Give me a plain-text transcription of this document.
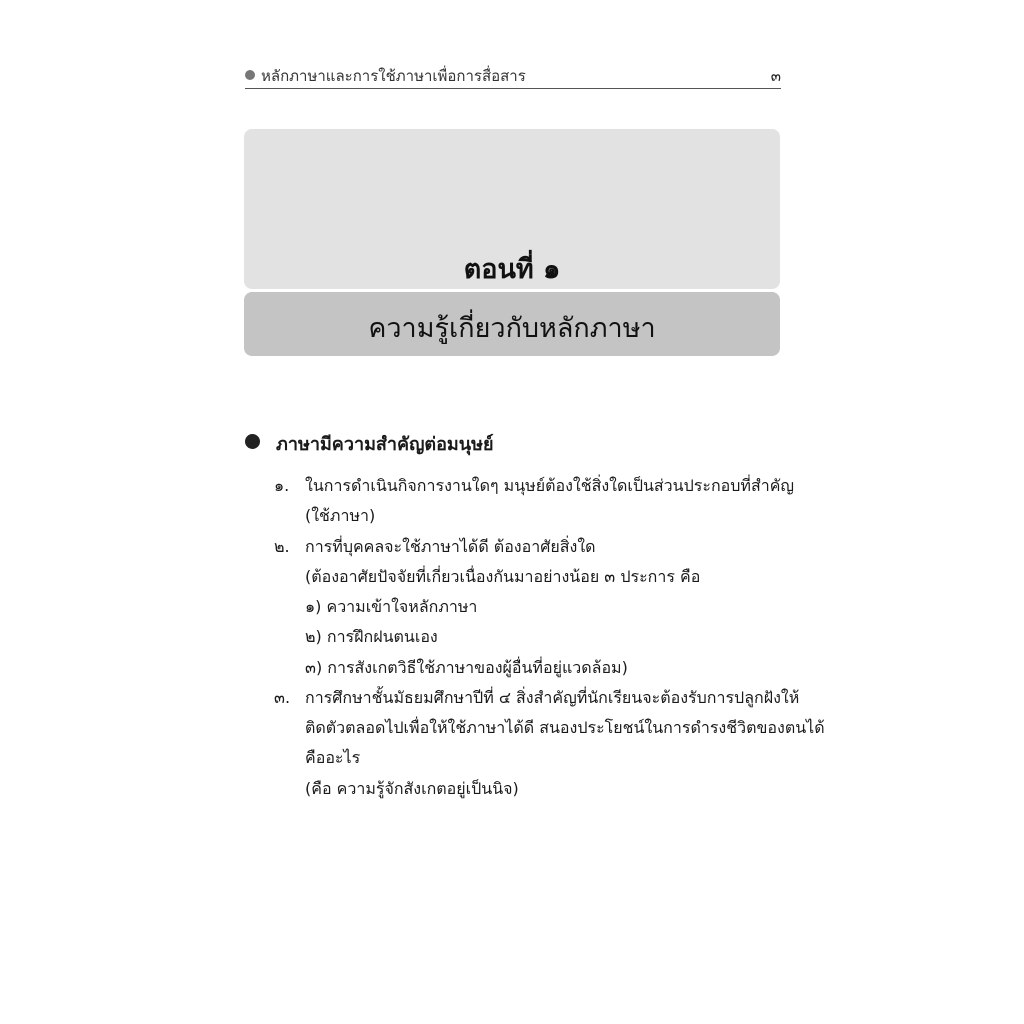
หลักภาษาและการใช้ภาษาเพื่อการสื่อสาร	๓
ตอนที่ ๑
ความรู้เกี่ยวกับหลักภาษา
ภาษามีความสำคัญต่อมนุษย์
๑. ในการดำเนินกิจการงานใดๆ มนุษย์ต้องใช้สิ่งใดเป็นส่วนประกอบที่สำคัญ
(ใช้ภาษา)
๒. การที่บุคคลจะใช้ภาษาได้ดี ต้องอาศัยสิ่งใด
(ต้องอาศัยปัจจัยที่เกี่ยวเนื่องกันมาอย่างน้อย ๓ ประการ คือ
๑) ความเข้าใจหลักภาษา
๒) การฝึกฝนตนเอง
๓) การสังเกตวิธีใช้ภาษาของผู้อื่นที่อยู่แวดล้อม)
๓. การศึกษาชั้นมัธยมศึกษาปีที่ ๔ สิ่งสำคัญที่นักเรียนจะต้องรับการปลูกฝังให้
ติดตัวตลอดไปเพื่อให้ใช้ภาษาได้ดี สนองประโยชน์ในการดำรงชีวิตของตนได้
คืออะไร
(คือ ความรู้จักสังเกตอยู่เป็นนิจ)
